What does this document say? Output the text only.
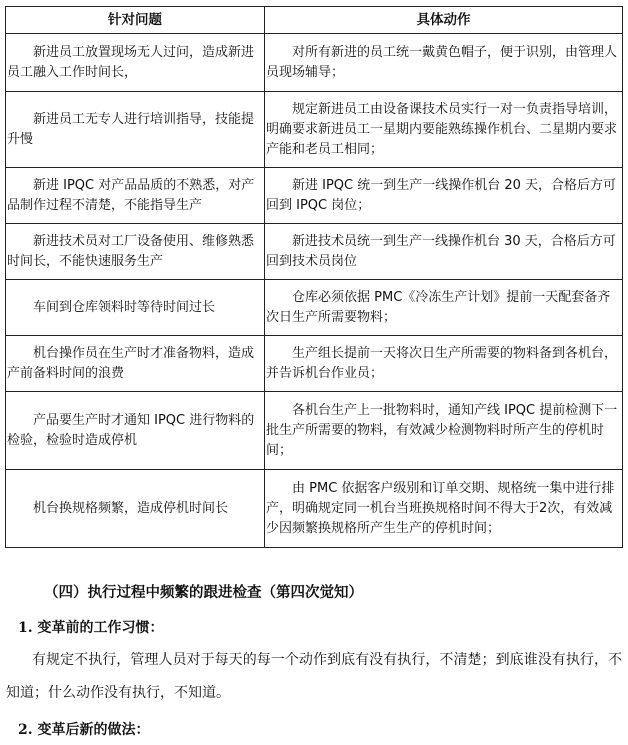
针对问题	具体动作
新进员工放置现场无人过问，造成新进员工融入工作时间长，	对所有新进的员工统一戴黄色帽子，便于识别，由管理人员现场辅导；
新进员工无专人进行培训指导，技能提升慢	规定新进员工由设备课技术员实行一对一负责指导培训，明确要求新进员工一星期内要能熟练操作机台、二星期内要求产能和老员工相同；
新进 IPQC 对产品品质的不熟悉，对产品制作过程不清楚，不能指导生产	新进 IPQC 统一到生产一线操作机台 20 天，合格后方可回到 IPQC 岗位；
新进技术员对工厂设备使用、维修熟悉时间长，不能快速服务生产	新进技术员统一到生产一线操作机台 30 天，合格后方可回到技术员岗位
车间到仓库领料时等待时间过长	仓库必须依据 PMC《冷冻生产计划》提前一天配套备齐次日生产所需要物料；
机台操作员在生产时才准备物料，造成产前备料时间的浪费	生产组长提前一天将次日生产所需要的物料备到各机台，并告诉机台作业员；
产品要生产时才通知 IPQC 进行物料的检验，检验时造成停机	各机台生产上一批物料时，通知产线 IPQC 提前检测下一批生产所需要的物料，有效减少检测物料时所产生的停机时间；
机台换规格频繁，造成停机时间长	由 PMC 依据客户级别和订单交期、规格统一集中进行排产，明确规定同一机台当班换规格时间不得大于2次，有效减少因频繁换规格所产生生产的停机时间；
（四）执行过程中频繁的跟进检查（第四次觉知）
1. 变革前的工作习惯：
有规定不执行，管理人员对于每天的每一个动作到底有没有执行，不清楚；到底谁没有执行，不知道；什么动作没有执行，不知道。
2. 变革后新的做法：
